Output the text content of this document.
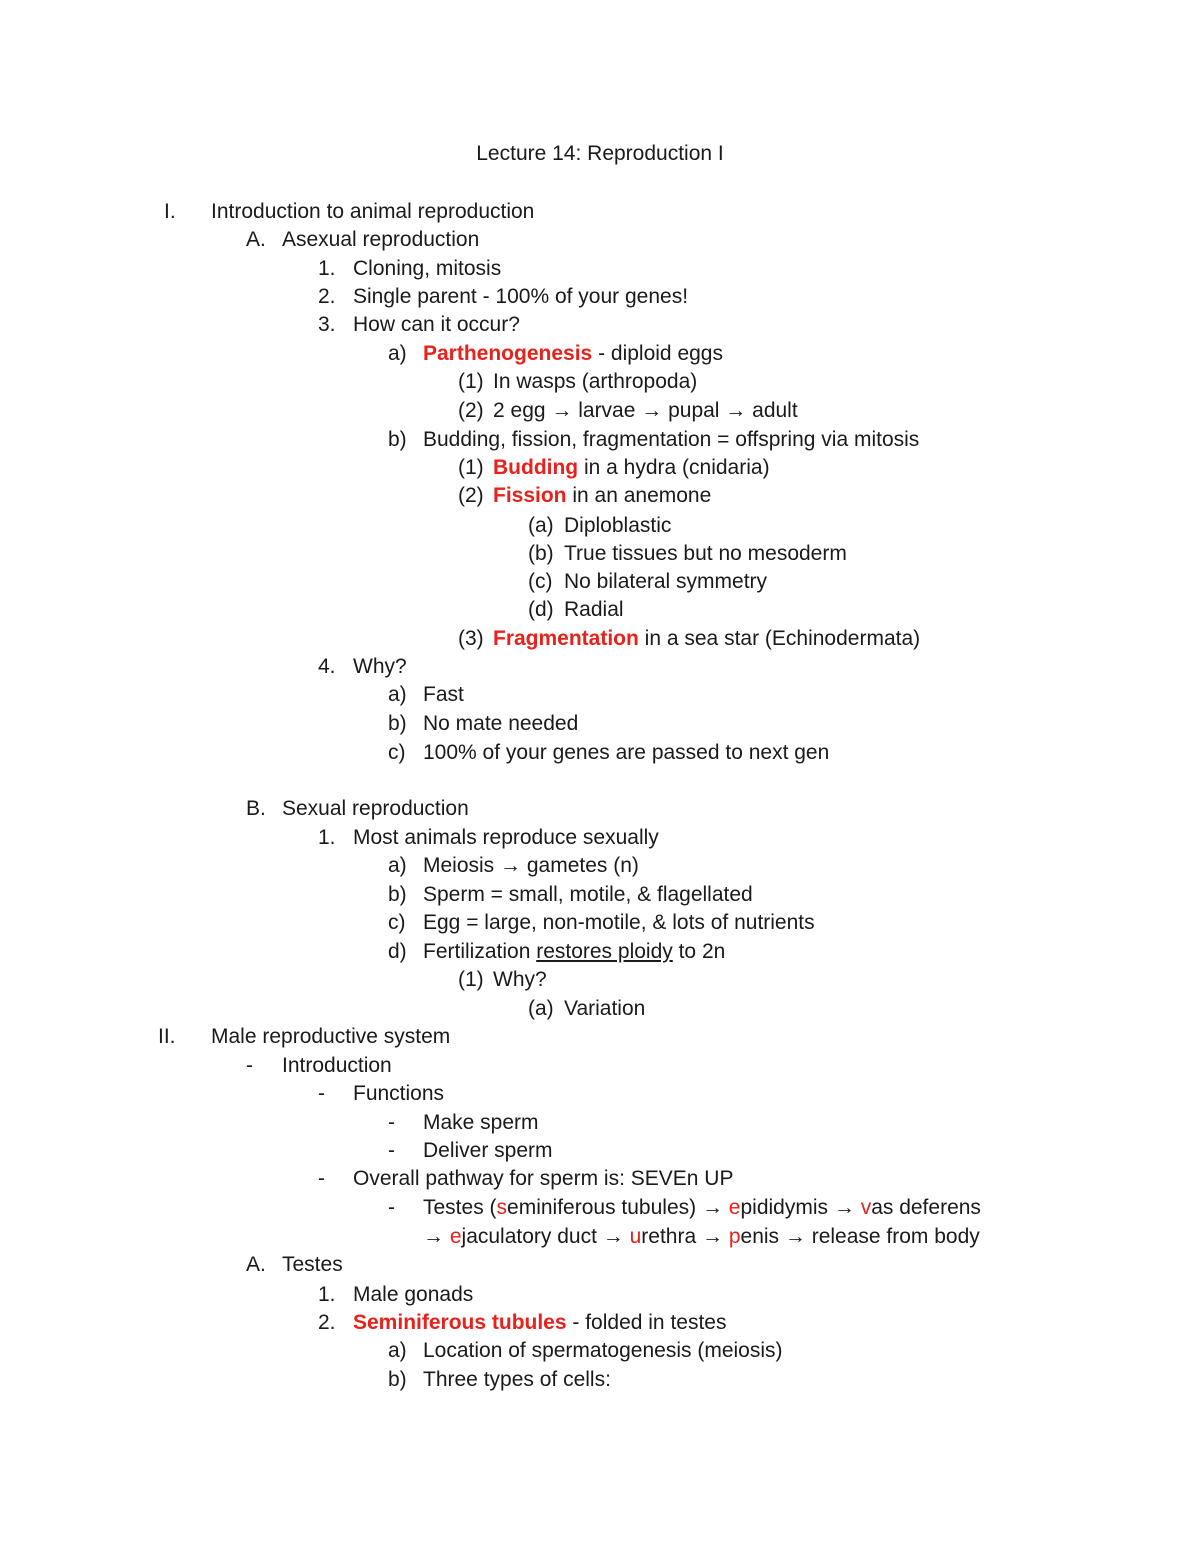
Lecture 14: Reproduction I
I. Introduction to animal reproduction
A. Asexual reproduction
1. Cloning, mitosis
2. Single parent - 100% of your genes!
3. How can it occur?
a) Parthenogenesis - diploid eggs
(1) In wasps (arthropoda)
(2) 2 egg → larvae → pupal → adult
b) Budding, fission, fragmentation = offspring via mitosis
(1) Budding in a hydra (cnidaria)
(2) Fission in an anemone
(a) Diploblastic
(b) True tissues but no mesoderm
(c) No bilateral symmetry
(d) Radial
(3) Fragmentation in a sea star (Echinodermata)
4. Why?
a) Fast
b) No mate needed
c) 100% of your genes are passed to next gen
B. Sexual reproduction
1. Most animals reproduce sexually
a) Meiosis → gametes (n)
b) Sperm = small, motile, & flagellated
c) Egg = large, non-motile, & lots of nutrients
d) Fertilization restores ploidy to 2n
(1) Why?
(a) Variation
II. Male reproductive system
- Introduction
- Functions
- Make sperm
- Deliver sperm
- Overall pathway for sperm is: SEVEn UP
- Testes (seminiferous tubules) → epididymis → vas deferens
→ ejaculatory duct → urethra → penis → release from body
A. Testes
1. Male gonads
2. Seminiferous tubules - folded in testes
a) Location of spermatogenesis (meiosis)
b) Three types of cells:
